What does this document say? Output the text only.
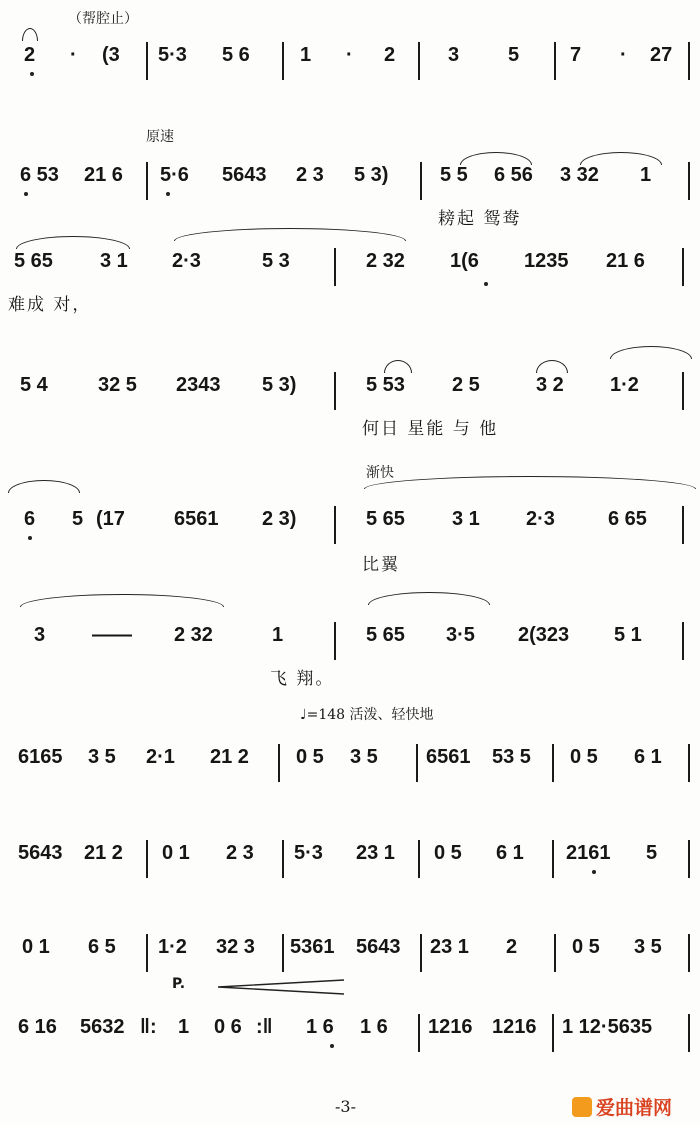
（帮腔止）
2 · (3 5·3 5 6	1 · 2	3 5	7 · 27
原速
6 53 21 6 5·6 5643 2 3 5 3)	5 5 6 56 3 32 1
耪起 鸳鸯
5 65 3 1 2·3	5 3	2 32 1(6 1235 21 6
难成 对，
5 4	32 5 2343 5 3)	5 53 2 5	3 2 1·2
何日 星能 与 他
渐快
6 5 (17 6561 2 3)	5 65 3 1 2·3	6 65
比翼
3 —— 2 32	1	5 65 3·5 2(323 5 1
飞 翔。
♩=148 活泼、轻快地
6165 3 5 2·1 21 2 0 5 3 5 6561 53 5 0 5 6 1
5643 21 2 0 1 2 3 5·3 23 1 0 5 6 1 2161 5
0 1 6 5 1·2 32 3 5361 5643 23 1 2	0 5 3 5
P.
6 16 5632 ‖: 1 0 6 :‖ 1 6 1 6 1216 1216 1 12·5635
-3-	爱曲谱网
